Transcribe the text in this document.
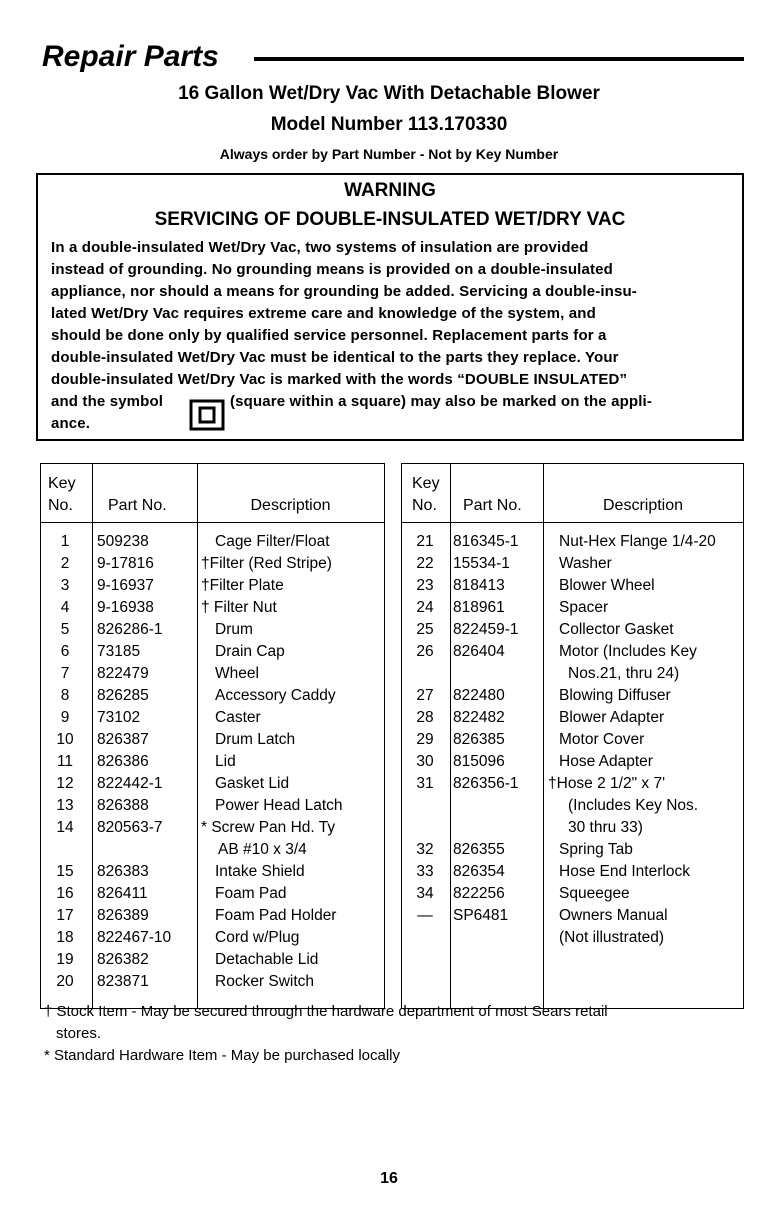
Repair Parts
16 Gallon Wet/Dry Vac With Detachable Blower
Model Number 113.170330
Always order by Part Number - Not by Key Number
WARNING
SERVICING OF DOUBLE-INSULATED WET/DRY VAC
In a double-insulated Wet/Dry Vac, two systems of insulation are provided
instead of grounding. No grounding means is provided on a double-insulated
appliance, nor should a means for grounding be added. Servicing a double-insu-
lated Wet/Dry Vac requires extreme care and knowledge of the system, and
should be done only by qualified service personnel. Replacement parts for a
double-insulated Wet/Dry Vac must be identical to the parts they replace. Your
double-insulated Wet/Dry Vac is marked with the words “DOUBLE INSULATED”
and the symbol	(square within a square) may also be marked on the appli-
ance.
Key
No. Part No.	Description
1	509238	Cage Filter/Float
2	9-17816	†Filter (Red Stripe)
3	9-16937	†Filter Plate
4	9-16938	† Filter Nut
5	826286-1	Drum
6	73185	Drain Cap
7	822479	Wheel
8	826285	Accessory Caddy
9	73102	Caster
10	826387	Drum Latch
11	826386	Lid
12	822442-1	Gasket Lid
13	826388	Power Head Latch
14	820563-7 * Screw Pan Hd. Ty
AB #10 x 3/4
15	826383	Intake Shield
16	826411	Foam Pad
17	826389	Foam Pad Holder
18	822467-10	Cord w/Plug
19	826382	Detachable Lid
20	823871	Rocker Switch
Key
No. Part No.	Description
21	816345-1	Nut-Hex Flange 1/4-20
22	15534-1	Washer
23	818413	Blower Wheel
24	818961	Spacer
25	822459-1	Collector Gasket
26	826404	Motor (Includes Key
Nos.21, thru 24)
27	822480	Blowing Diffuser
28	822482	Blower Adapter
29	826385	Motor Cover
30	815096	Hose Adapter
31	826356-1 †Hose 2 1/2" x 7'
(Includes Key Nos.
30 thru 33)
32	826355	Spring Tab
33	826354	Hose End Interlock
34	822256	Squeegee
—	SP6481	Owners Manual
(Not illustrated)
† Stock Item - May be secured through the hardware department of most Sears retail
stores.
* Standard Hardware Item - May be purchased locally
16
